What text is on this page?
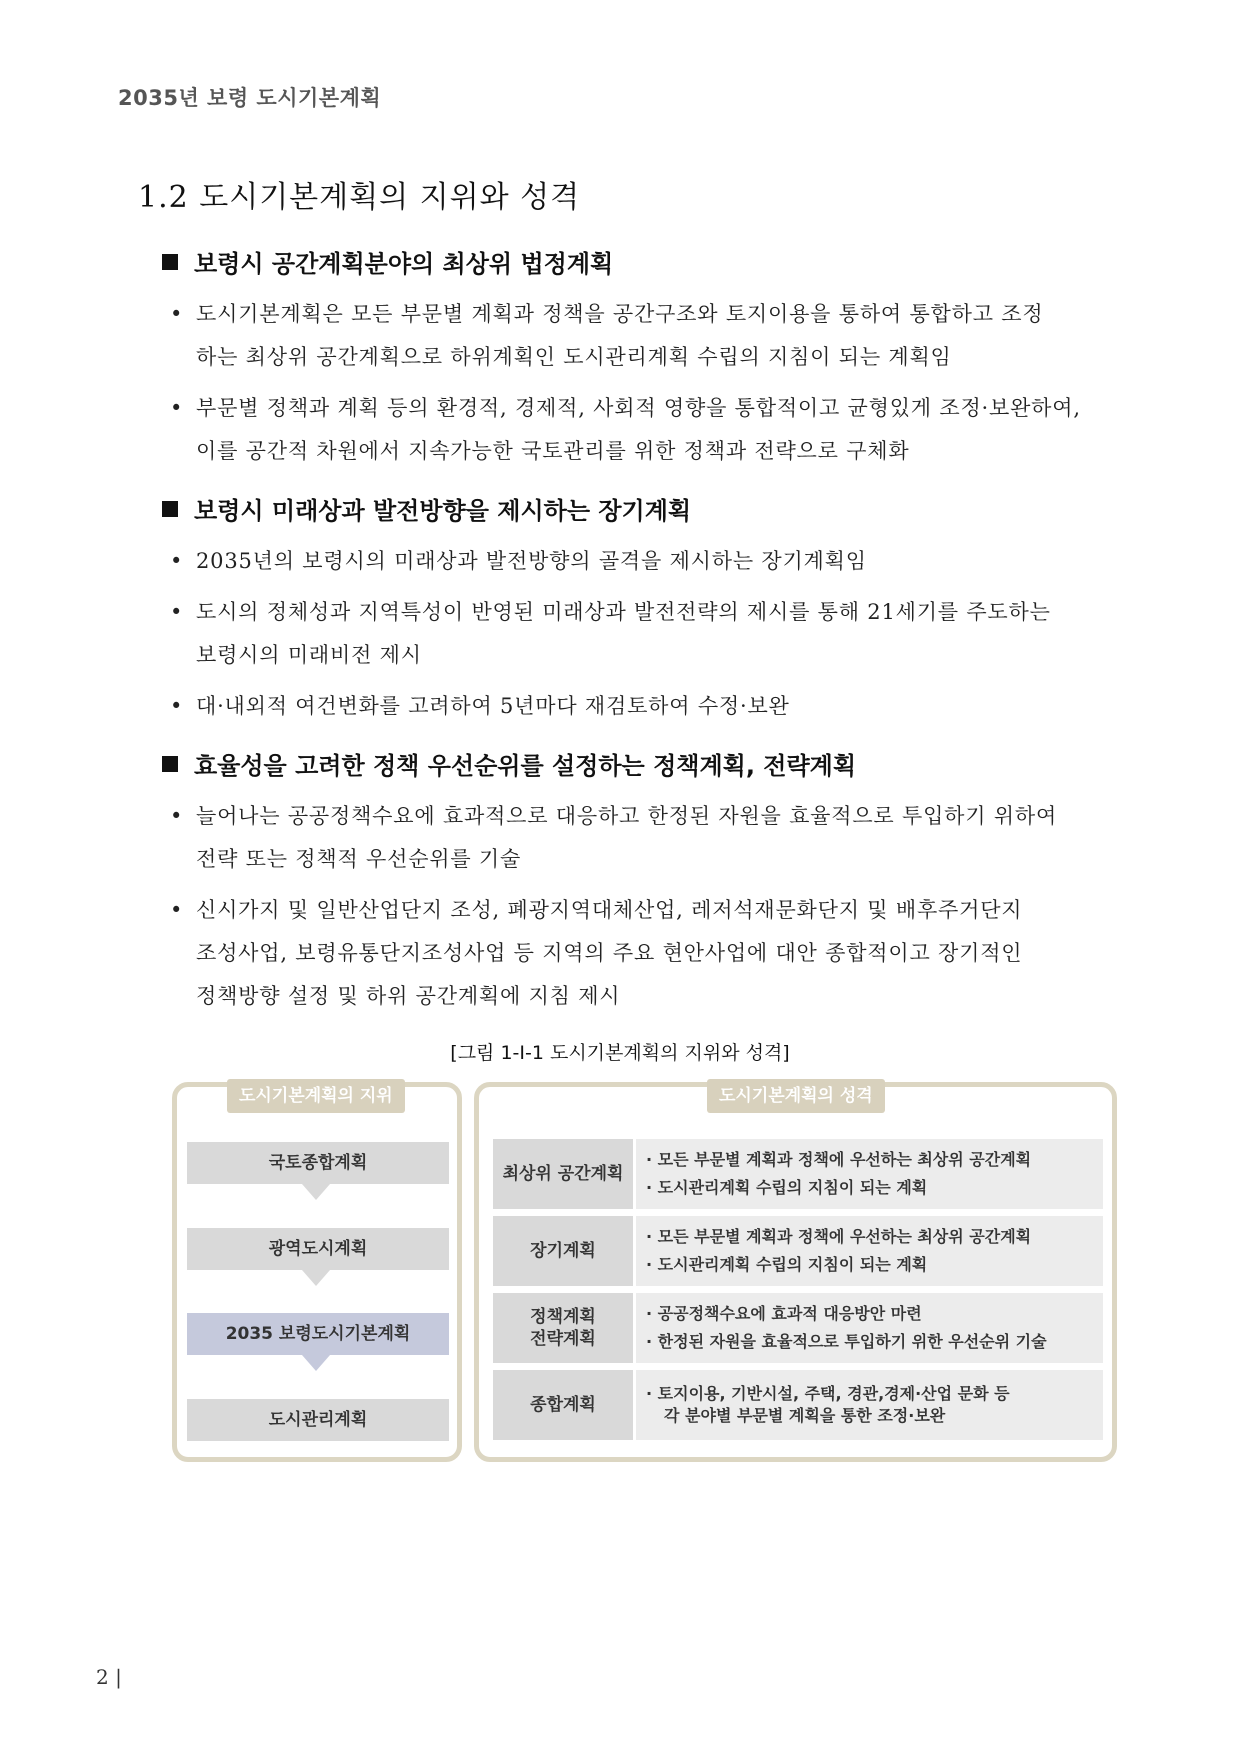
2035년 보령 도시기본계획
1.2 도시기본계획의 지위와 성격
보령시 공간계획분야의 최상위 법정계획
• 도시기본계획은 모든 부문별 계획과 정책을 공간구조와 토지이용을 통하여 통합하고 조정
하는 최상위 공간계획으로 하위계획인 도시관리계획 수립의 지침이 되는 계획임
• 부문별 정책과 계획 등의 환경적, 경제적, 사회적 영향을 통합적이고 균형있게 조정·보완하여,
이를 공간적 차원에서 지속가능한 국토관리를 위한 정책과 전략으로 구체화
보령시 미래상과 발전방향을 제시하는 장기계획
• 2035년의 보령시의 미래상과 발전방향의 골격을 제시하는 장기계획임
• 도시의 정체성과 지역특성이 반영된 미래상과 발전전략의 제시를 통해 21세기를 주도하는
보령시의 미래비전 제시
• 대·내외적 여건변화를 고려하여 5년마다 재검토하여 수정·보완
효율성을 고려한 정책 우선순위를 설정하는 정책계획, 전략계획
• 늘어나는 공공정책수요에 효과적으로 대응하고 한정된 자원을 효율적으로 투입하기 위하여
전략 또는 정책적 우선순위를 기술
• 신시가지 및 일반산업단지 조성, 폐광지역대체산업, 레저석재문화단지 및 배후주거단지
조성사업, 보령유통단지조성사업 등 지역의 주요 현안사업에 대안 종합적이고 장기적인
정책방향 설정 및 하위 공간계획에 지침 제시
[그림 1-Ⅰ-1 도시기본계획의 지위와 성격]
도시기본계획의 지위
국토종합계획
광역도시계획
2035 보령도시기본계획
도시관리계획
도시기본계획의 성격
최상위 공간계획
· 모든 부문별 계획과 정책에 우선하는 최상위 공간계획
· 도시관리계획 수립의 지침이 되는 계획
장기계획
· 모든 부문별 계획과 정책에 우선하는 최상위 공간계획
· 도시관리계획 수립의 지침이 되는 계획
정책계획
전략계획
· 공공정책수요에 효과적 대응방안 마련
· 한정된 자원을 효율적으로 투입하기 위한 우선순위 기술
종합계획
· 토지이용, 기반시설, 주택, 경관,경제·산업 문화 등
각 분야별 부문별 계획을 통한 조정·보완
2 |
